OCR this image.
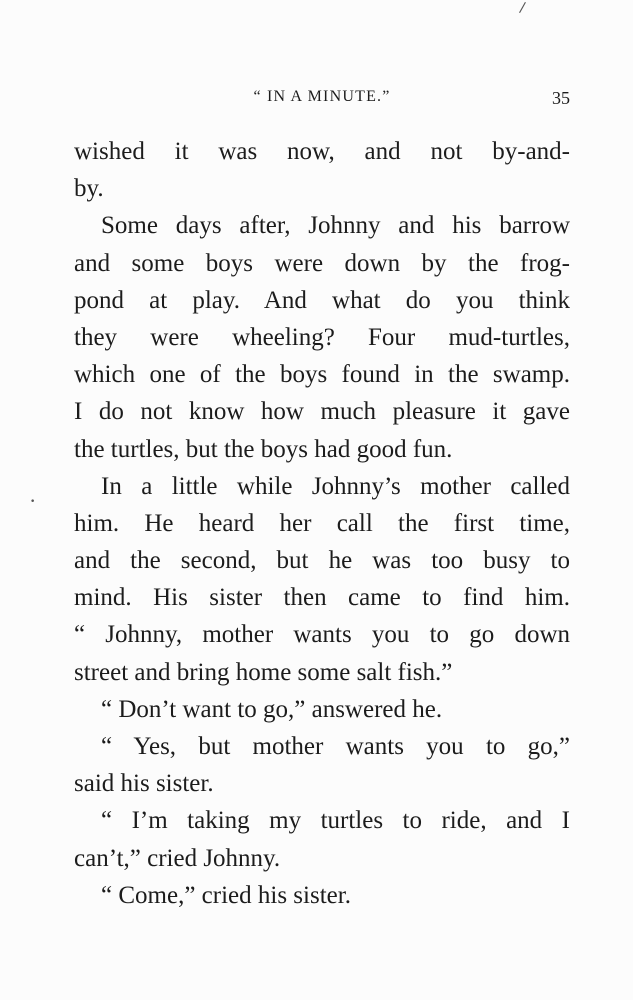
/
•
“ IN A MINUTE.”	35
wished it was now, and not by-and-
by.
Some days after, Johnny and his barrow
and some boys were down by the frog-
pond at play. And what do you think
they were wheeling? Four mud-turtles,
which one of the boys found in the swamp.
I do not know how much pleasure it gave
the turtles, but the boys had good fun.
In a little while Johnny’s mother called
him. He heard her call the first time,
and the second, but he was too busy to
mind. His sister then came to find him.
“ Johnny, mother wants you to go down
street and bring home some salt fish.”
“ Don’t want to go,” answered he.
“ Yes, but mother wants you to go,”
said his sister.
“ I’m taking my turtles to ride, and I
can’t,” cried Johnny.
“ Come,” cried his sister.
